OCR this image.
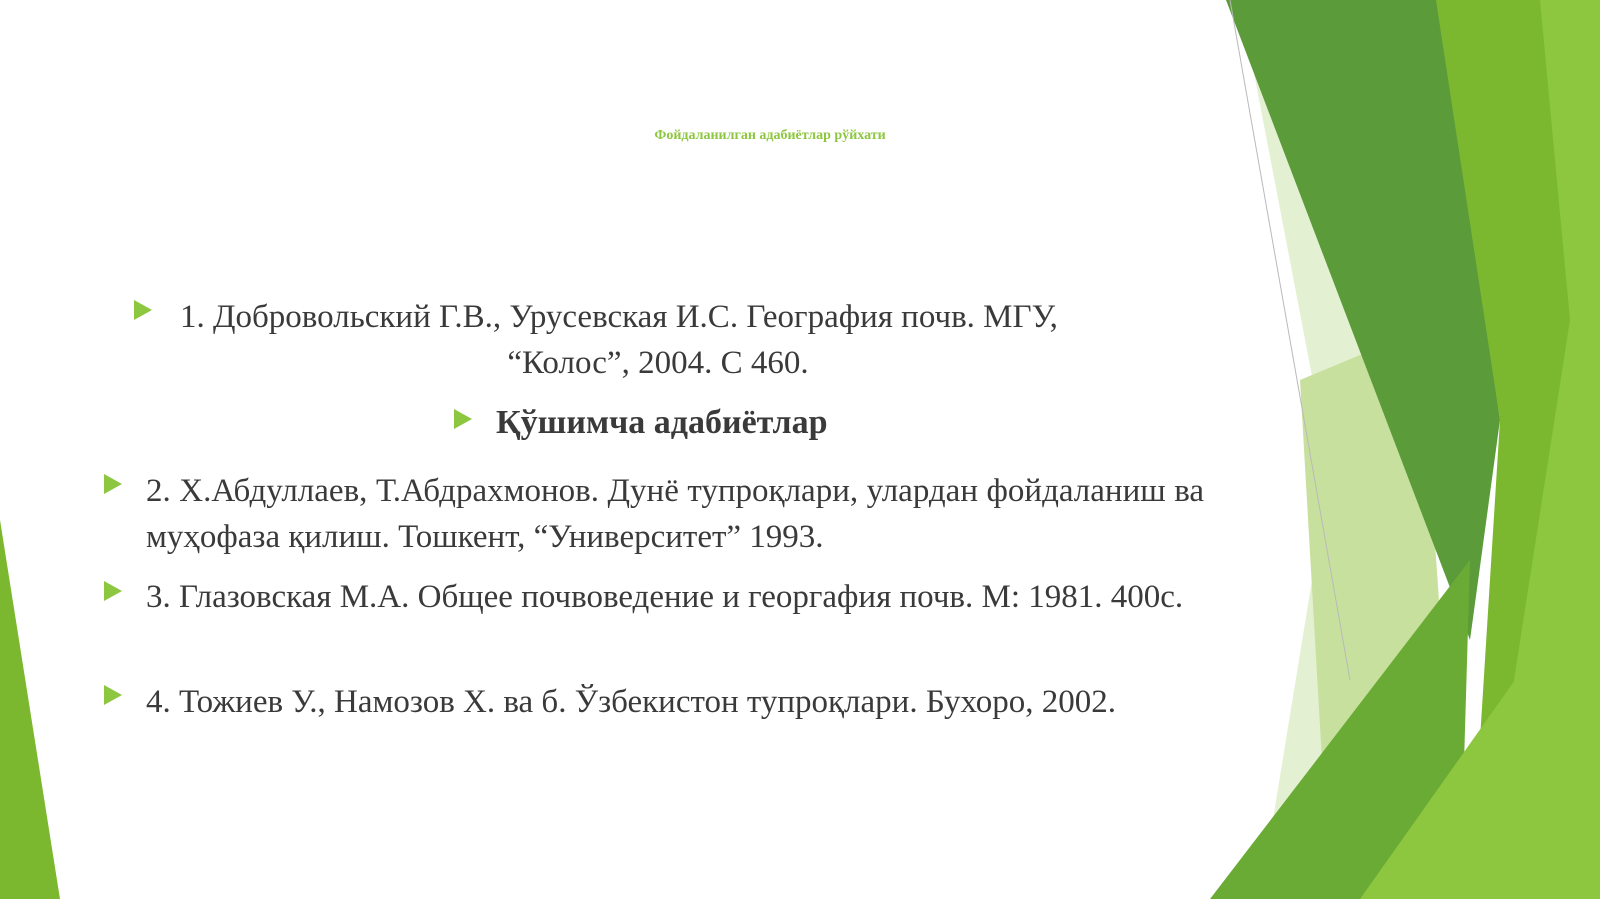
Фойдаланилган адабиётлар рўйхати

1. Добровольский Г.В., Урусевская И.С. География почв. МГУ,
“Колос”, 2004. С 460.

Қўшимча адабиётлар

2. Х.Абдуллаев, Т.Абдрахмонов. Дунё тупроқлари, улардан фойдаланиш ва муҳофаза қилиш. Тошкент, “Университет” 1993.

3. Глазовская М.А. Общее почвоведение и георгафия почв. М: 1981. 400с.

4. Тожиев У., Намозов Х. ва б. Ўзбекистон тупроқлари. Бухоро, 2002.
